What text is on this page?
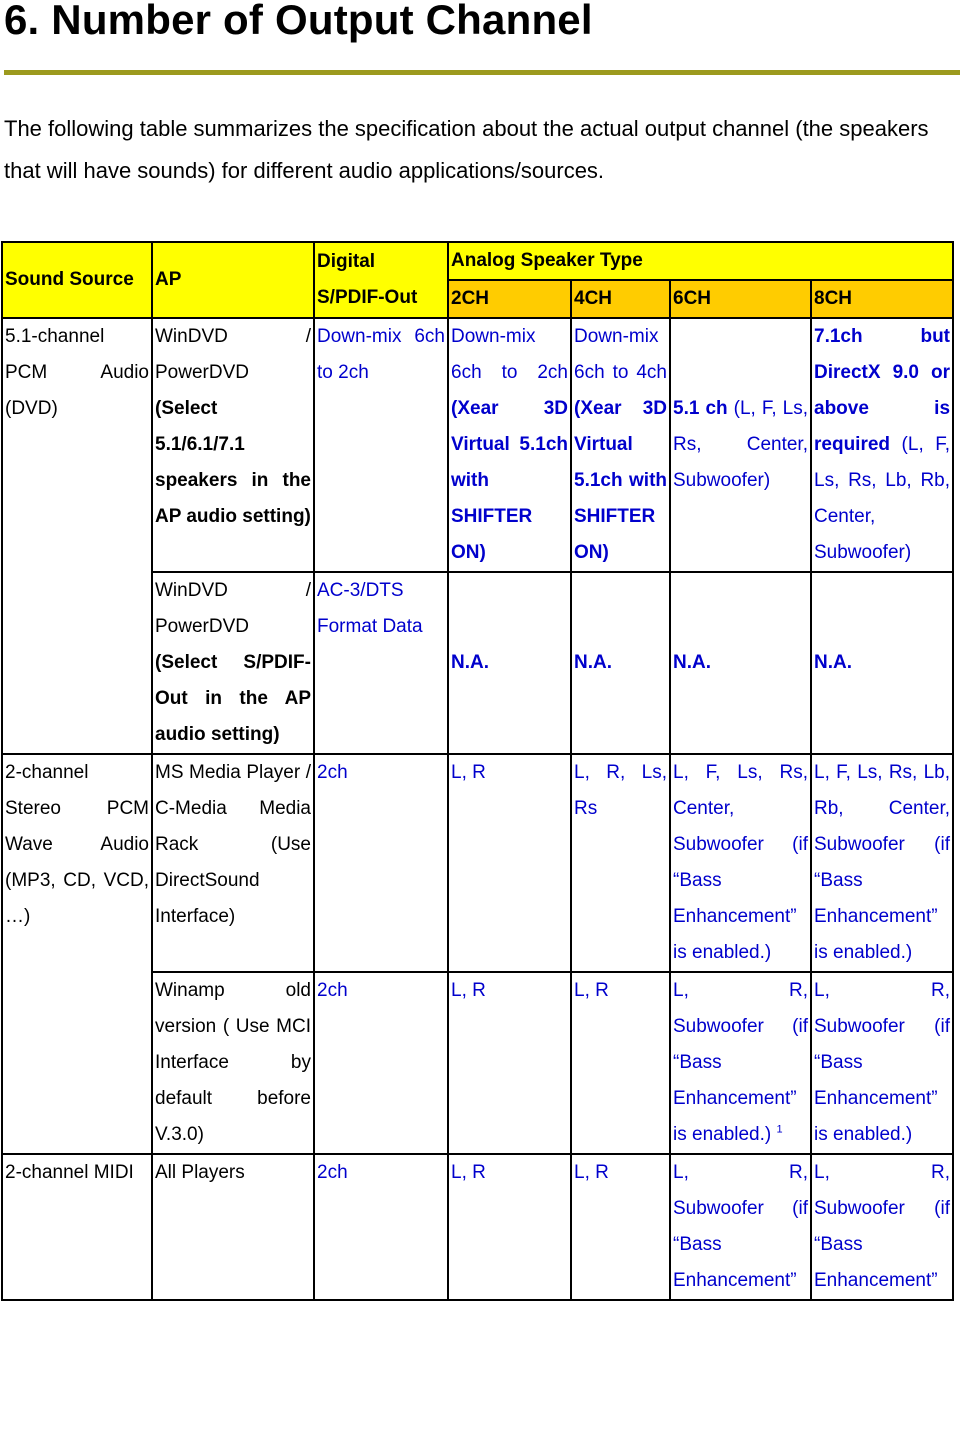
6. Number of Output Channel

The following table summarizes the specification about the actual output channel (the speakers that will have sounds) for different audio applications/sources.

Sound Source	AP	Digital S/PDIF-Out	Analog Speaker Type			
			2CH	4CH	6CH	8CH
5.1-channel PCM Audio (DVD)	WinDVD / PowerDVD (Select 5.1/6.1/7.1 speakers in the AP audio setting)	Down-mix 6ch to 2ch	Down-mix 6ch to 2ch (Xear 3D Virtual 5.1ch with SHIFTER ON)	Down-mix 6ch to 4ch (Xear 3D Virtual 5.1ch with SHIFTER ON)	5.1 ch (L, F, Ls, Rs, Center, Subwoofer)	7.1ch but DirectX 9.0 or above is required (L, F, Ls, Rs, Lb, Rb, Center, Subwoofer)
	WinDVD / PowerDVD (Select S/PDIF-Out in the AP audio setting)	AC-3/DTS Format Data	N.A.	N.A.	N.A.	N.A.
2-channel Stereo PCM Wave Audio (MP3, CD, VCD, …)	MS Media Player / C-Media Media Rack (Use DirectSound Interface)	2ch	L, R	L, R, Ls, Rs	L, F, Ls, Rs, Center, Subwoofer (if “Bass Enhancement” is enabled.)	L, F, Ls, Rs, Lb, Rb, Center, Subwoofer (if “Bass Enhancement” is enabled.)
	Winamp old version ( Use MCI Interface by default before V.3.0)	2ch	L, R	L, R	L, R, Subwoofer (if “Bass Enhancement” is enabled.) $^1$	L, R, Subwoofer (if “Bass Enhancement” is enabled.)
2-channel MIDI	All Players	2ch	L, R	L, R	L, R, Subwoofer (if “Bass Enhancement”	L, R, Subwoofer (if “Bass Enhancement”
